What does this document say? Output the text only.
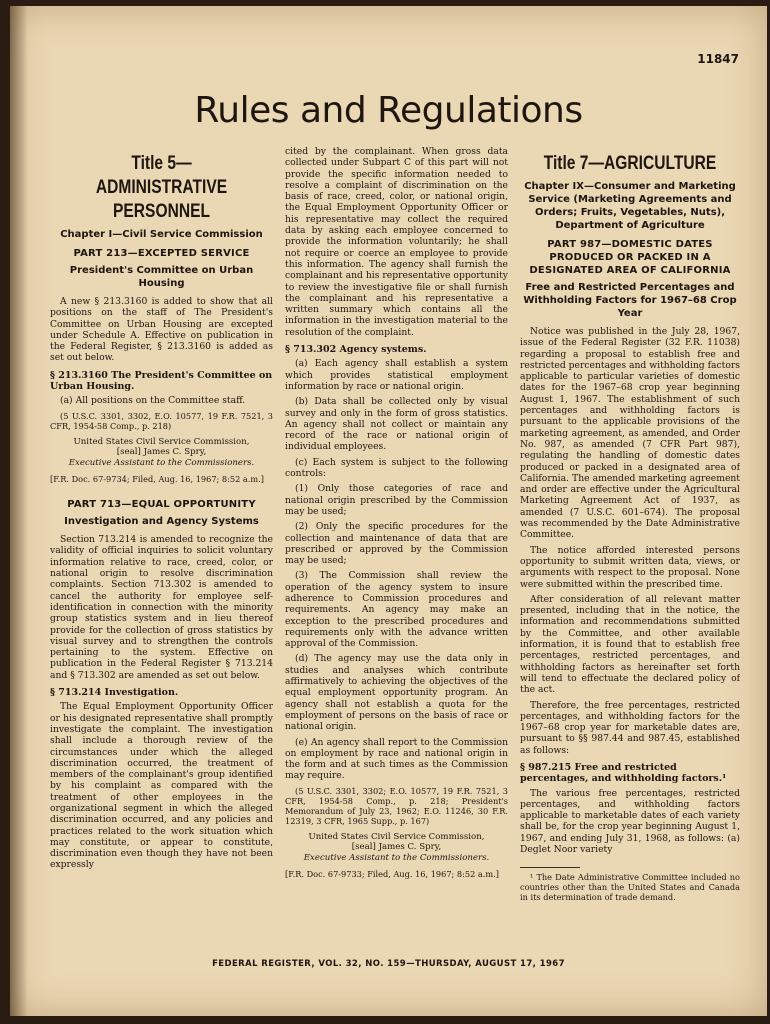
11847
Rules and Regulations
Title 5—ADMINISTRATIVE PERSONNEL
Chapter I—Civil Service Commission
PART 213—EXCEPTED SERVICE
President's Committee on Urban Housing

A new § 213.3160 is added to show that all positions on the staff of The President's Committee on Urban Housing are excepted under Schedule A. Effective on publication in the Federal Register, § 213.3160 is added as set out below.

§ 213.3160 The President's Committee on Urban Housing.

(a) All positions on the Committee staff.

(5 U.S.C. 3301, 3302, E.O. 10577, 19 F.R. 7521, 3 CFR, 1954-58 Comp., p. 218)

United States Civil Service Commission,
[seal] James C. Spry,
Executive Assistant to the Commissioners.
[F.R. Doc. 67-9734; Filed, Aug. 16, 1967; 8:52 a.m.]
PART 713—EQUAL OPPORTUNITY
Investigation and Agency Systems

Section 713.214 is amended to recognize the validity of official inquiries to solicit voluntary information relative to race, creed, color, or national origin to resolve discrimination complaints. Section 713.302 is amended to cancel the authority for employee self-identification in connection with the minority group statistics system and in lieu thereof provide for the collection of gross statistics by visual survey and to strengthen the controls pertaining to the system. Effective on publication in the Federal Register § 713.214 and § 713.302 are amended as set out below.

§ 713.214 Investigation.

The Equal Employment Opportunity Officer or his designated representative shall promptly investigate the complaint. The investigation shall include a thorough review of the circumstances under which the alleged discrimination occurred, the treatment of members of the complainant's group identified by his complaint as compared with the treatment of other employees in the organizational segment in which the alleged discrimination occurred, and any policies and practices related to the work situation which may constitute, or appear to constitute, discrimination even though they have not been expressly

cited by the complainant. When gross data collected under Subpart C of this part will not provide the specific information needed to resolve a complaint of discrimination on the basis of race, creed, color, or national origin, the Equal Employment Opportunity Officer or his representative may collect the required data by asking each employee concerned to provide the information voluntarily; he shall not require or coerce an employee to provide this information. The agency shall furnish the complainant and his representative opportunity to review the investigative file or shall furnish the complainant and his representative a written summary which contains all the information in the investigation material to the resolution of the complaint.

§ 713.302 Agency systems.

(a) Each agency shall establish a system which provides statistical employment information by race or national origin.

(b) Data shall be collected only by visual survey and only in the form of gross statistics. An agency shall not collect or maintain any record of the race or national origin of individual employees.

(c) Each system is subject to the following controls:

(1) Only those categories of race and national origin prescribed by the Commission may be used;

(2) Only the specific procedures for the collection and maintenance of data that are prescribed or approved by the Commission may be used;

(3) The Commission shall review the operation of the agency system to insure adherence to Commission procedures and requirements. An agency may make an exception to the prescribed procedures and requirements only with the advance written approval of the Commission.

(d) The agency may use the data only in studies and analyses which contribute affirmatively to achieving the objectives of the equal employment opportunity program. An agency shall not establish a quota for the employment of persons on the basis of race or national origin.

(e) An agency shall report to the Commission on employment by race and national origin in the form and at such times as the Commission may require.

(5 U.S.C. 3301, 3302; E.O. 10577, 19 F.R. 7521, 3 CFR, 1954-58 Comp., p. 218; President's Memorandum of July 23, 1962; E.O. 11246, 30 F.R. 12319, 3 CFR, 1965 Supp., p. 167)

United States Civil Service Commission,
[seal] James C. Spry,
Executive Assistant to the Commissioners.
[F.R. Doc. 67-9733; Filed, Aug. 16, 1967; 8:52 a.m.]
Title 7—AGRICULTURE
Chapter IX—Consumer and Marketing Service (Marketing Agreements and Orders; Fruits, Vegetables, Nuts), Department of Agriculture
PART 987—DOMESTIC DATES PRODUCED OR PACKED IN A DESIGNATED AREA OF CALIFORNIA
Free and Restricted Percentages and Withholding Factors for 1967–68 Crop Year

Notice was published in the July 28, 1967, issue of the Federal Register (32 F.R. 11038) regarding a proposal to establish free and restricted percentages and withholding factors applicable to particular varieties of domestic dates for the 1967–68 crop year beginning August 1, 1967. The establishment of such percentages and withholding factors is pursuant to the applicable provisions of the marketing agreement, as amended, and Order No. 987, as amended (7 CFR Part 987), regulating the handling of domestic dates produced or packed in a designated area of California. The amended marketing agreement and order are effective under the Agricultural Marketing Agreement Act of 1937, as amended (7 U.S.C. 601–674). The proposal was recommended by the Date Administrative Committee.

The notice afforded interested persons opportunity to submit written data, views, or arguments with respect to the proposal. None were submitted within the prescribed time.

After consideration of all relevant matter presented, including that in the notice, the information and recommendations submitted by the Committee, and other available information, it is found that to establish free percentages, restricted percentages, and withholding factors as hereinafter set forth will tend to effectuate the declared policy of the act.

Therefore, the free percentages, restricted percentages, and withholding factors for the 1967–68 crop year for marketable dates are, pursuant to §§ 987.44 and 987.45, established as follows:

§ 987.215 Free and restricted percentages, and withholding factors.¹

The various free percentages, restricted percentages, and withholding factors applicable to marketable dates of each variety shall be, for the crop year beginning August 1, 1967, and ending July 31, 1968, as follows: (a) Deglet Noor variety

¹ The Date Administrative Committee included no countries other than the United States and Canada in its determination of trade demand.

FEDERAL REGISTER, VOL. 32, NO. 159—THURSDAY, AUGUST 17, 1967
